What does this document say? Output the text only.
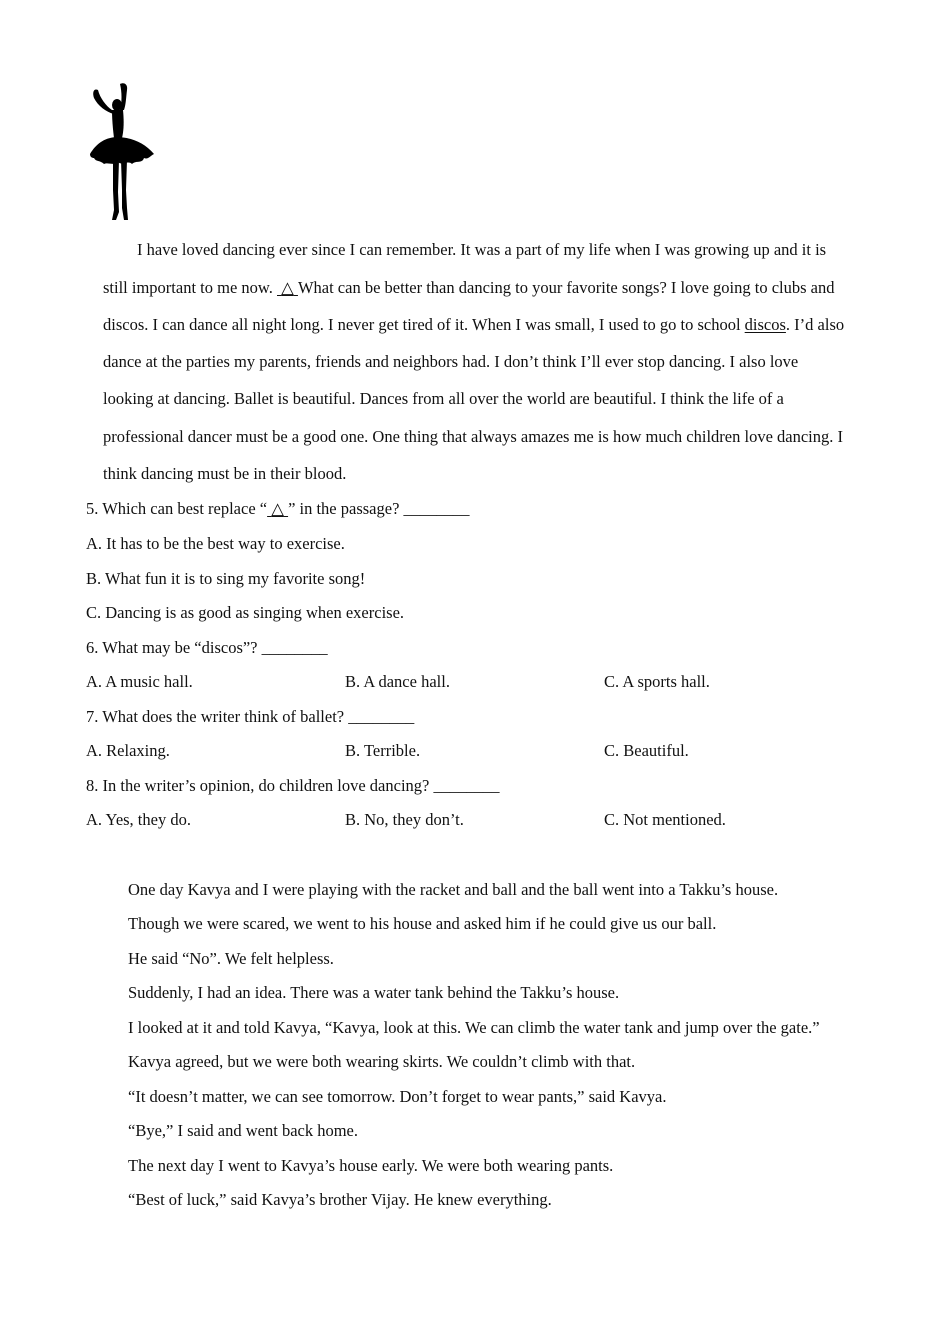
I have loved dancing ever since I can remember. It was a part of my life when I was growing up and it is
still important to me now. △ What can be better than dancing to your favorite songs? I love going to clubs and
discos. I can dance all night long. I never get tired of it. When I was small, I used to go to school discos. I’d also
dance at the parties my parents, friends and neighbors had. I don’t think I’ll ever stop dancing. I also love
looking at dancing. Ballet is beautiful. Dances from all over the world are beautiful. I think the life of a
professional dancer must be a good one. One thing that always amazes me is how much children love dancing. I
think dancing must be in their blood.
5. Which can best replace “ △ ” in the passage? ________
A. It has to be the best way to exercise.
B. What fun it is to sing my favorite song!
C. Dancing is as good as singing when exercise.
6. What may be “discos”? ________
A. A music hall.	B. A dance hall.	C. A sports hall.
7. What does the writer think of ballet? ________
A. Relaxing.	B. Terrible.	C. Beautiful.
8. In the writer’s opinion, do children love dancing? ________
A. Yes, they do.	B. No, they don’t.	C. Not mentioned.
One day Kavya and I were playing with the racket and ball and the ball went into a Takku’s house.
Though we were scared, we went to his house and asked him if he could give us our ball.
He said “No”. We felt helpless.
Suddenly, I had an idea. There was a water tank behind the Takku’s house.
I looked at it and told Kavya, “Kavya, look at this. We can climb the water tank and jump over the gate.”
Kavya agreed, but we were both wearing skirts. We couldn’t climb with that.
“It doesn’t matter, we can see tomorrow. Don’t forget to wear pants,” said Kavya.
“Bye,” I said and went back home.
The next day I went to Kavya’s house early. We were both wearing pants.
“Best of luck,” said Kavya’s brother Vijay. He knew everything.
